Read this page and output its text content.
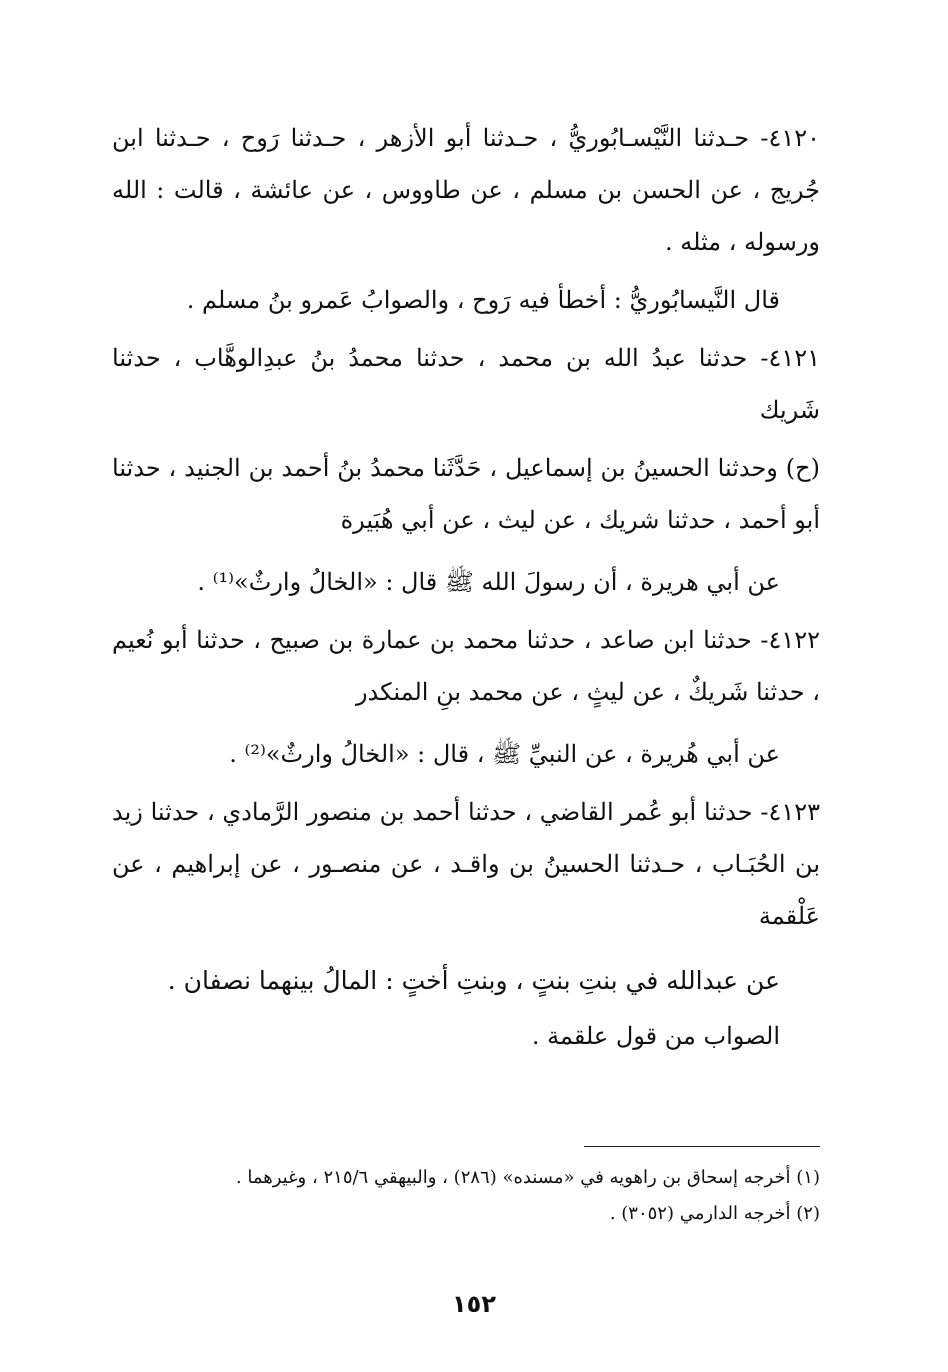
٤١٢٠- حـدثنا النَّيْسـابُوريُّ ، حـدثنا أبو الأزهر ، حـدثنا رَوح ، حـدثنا ابن جُريج ، عن الحسن بن مسلم ، عن طاووس ، عن عائشة ، قالت : الله ورسوله ، مثله .

قال النَّيسابُوريُّ : أخطأ فيه رَوح ، والصوابُ عَمرو بنُ مسلم .

٤١٢١- حدثنا عبدُ الله بن محمد ، حدثنا محمدُ بنُ عبدِالوهَّاب ، حدثنا شَريك

(ح) وحدثنا الحسينُ بن إسماعيل ، حَدَّثَنا محمدُ بنُ أحمد بن الجنيد ، حدثنا أبو أحمد ، حدثنا شريك ، عن ليث ، عن أبي هُبَيرة

عن أبي هريرة ، أن رسولَ الله ﷺ قال : «الخالُ وارثٌ»⁽¹⁾ .

٤١٢٢- حدثنا ابن صاعد ، حدثنا محمد بن عمارة بن صبيح ، حدثنا أبو نُعيم ، حدثنا شَريكٌ ، عن ليثٍ ، عن محمد بنِ المنكدر

عن أبي هُريرة ، عن النبيِّ ﷺ ، قال : «الخالُ وارثٌ»⁽²⁾ .

٤١٢٣- حدثنا أبو عُمر القاضي ، حدثنا أحمد بن منصور الرَّمادي ، حدثنا زيد بن الحُبَـاب ، حـدثنا الحسينُ بن واقـد ، عن منصـور ، عن إبراهيم ، عن عَلْقمة

عن عبدالله في بنتِ بنتٍ ، وبنتِ أختٍ : المالُ بينهما نصفان .

الصواب من قول علقمة .

(١) أخرجه إسحاق بن راهويه في «مسنده» (٢٨٦) ، والبيهقي ٢١٥/٦ ، وغيرهما .

(٢) أخرجه الدارمي (٣٠٥٢) .

١٥٢
